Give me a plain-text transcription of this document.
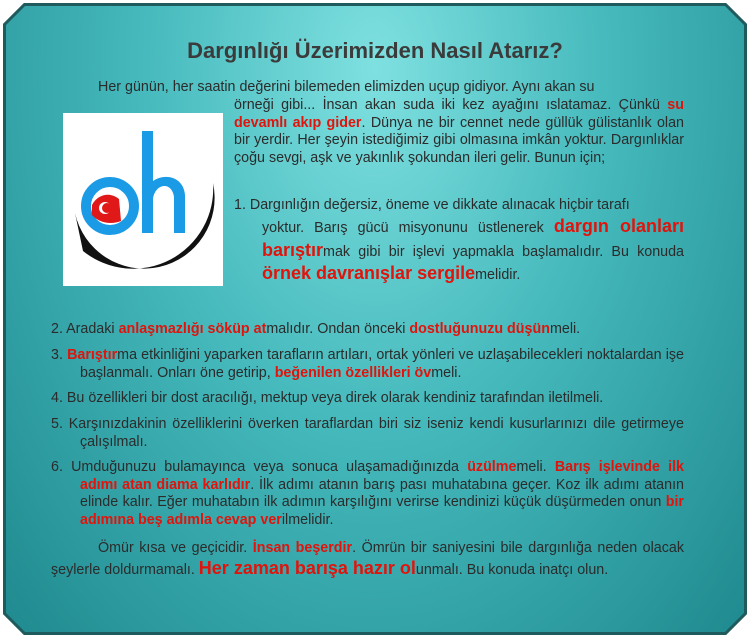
Dargınlığı Üzerimizden Nasıl Atarız?

Her günün, her saatin değerini bilemeden elimizden uçup gidiyor. Aynı akan su

örneği gibi... İnsan akan suda iki kez ayağını ıslatamaz. Çünkü su devamlı akıp gider. Dünya ne bir cennet nede güllük gülistanlık olan bir yerdir. Her şeyin istediğimiz gibi olmasına imkân yoktur. Dargınlıklar çoğu sevgi, aşk ve yakınlık şokundan ileri gelir. Bunun için;

1. Dargınlığın değersiz, öneme ve dikkate alınacak hiçbir tarafı

yoktur. Barış gücü misyonunu üstlenerek dargın olanları barıştırmak gibi bir işlevi yapmakla başlamalıdır. Bu konuda örnek davranışlar sergilemelidir.

2. Aradaki anlaşmazlığı söküp atmalıdır. Ondan önceki dostluğunuzu düşünmeli.

3. Barıştırma etkinliğini yaparken tarafların artıları, ortak yönleri ve uzlaşabilecekleri noktalardan işe başlanmalı. Onları öne getirip, beğenilen özellikleri övmeli.

4. Bu özellikleri bir dost aracılığı, mektup veya direk olarak kendiniz tarafından iletilmeli.

5. Karşınızdakinin özelliklerini överken taraflardan biri siz iseniz kendi kusurlarınızı dile getirmeye çalışılmalı.

6. Umduğunuzu bulamayınca veya sonuca ulaşamadığınızda üzülmemeli. Barış işlevinde ilk adımı atan diama karlıdır. İlk adımı atanın barış pası muhatabına geçer. Koz ilk adımı atanın elinde kalır. Eğer muhatabın ilk adımın karşılığını verirse kendinizi küçük düşürmeden onun bir adımına beş adımla cevap verilmelidir.

Ömür kısa ve geçicidir. İnsan beşerdir. Ömrün bir saniyesini bile dargınlığa neden olacak şeylerle doldurmamalı. Her zaman barışa hazır olunmalı. Bu konuda inatçı olun.
